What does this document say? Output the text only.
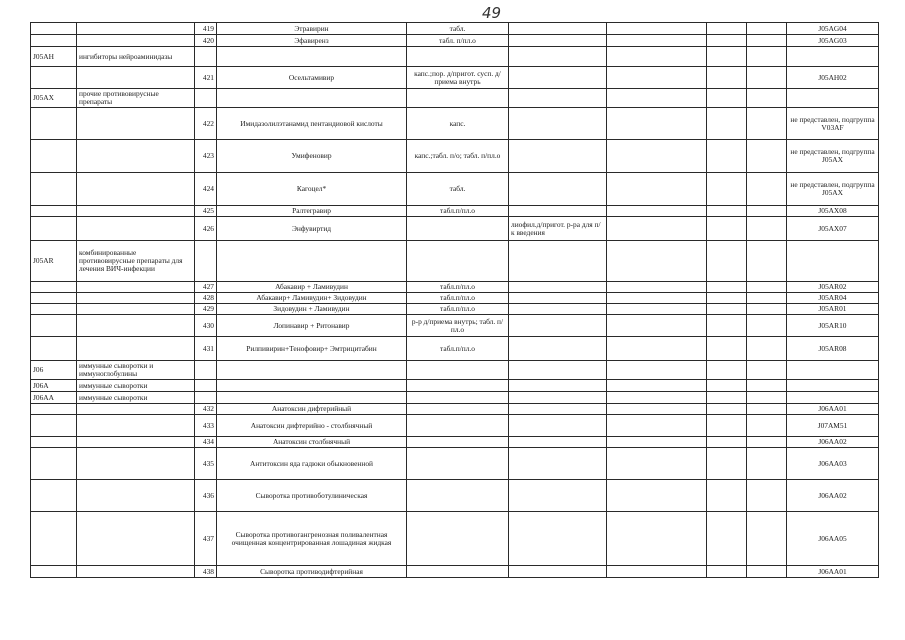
49
		419	Этравирин	табл.					J05AG04
		420	Эфавиренз	табл. п/пл.о					J05AG03
J05AH	ингибиторы нейроаминидазы								
		421	Осельтамивир	капс.;пор. д/пригот. сусп. д/приема внутрь					J05AH02
J05AX	прочие противовирусные препараты								
		422	Имидазолилэтанамид пентандиовой кислоты	капс.					не представлен, подгруппа V03AF
		423	Умифеновир	капс.;табл. п/о; табл. п/пл.о					не представлен, подгруппа J05AX
		424	Кагоцел*	табл.					не представлен, подгруппа J05AX
		425	Ралтегравир	табл.п/пл.о					J05AX08
		426	Энфувиртид		лиофил.д/пригот. р-ра для п/к введения				J05AX07
J05AR	комбинированные противовирусные препараты для лечения ВИЧ-инфекции								
		427	Абакавир + Ламивудин	табл.п/пл.о					J05AR02
		428	Абакавир+ Ламивудин+ Зидовудин	табл.п/пл.о					J05AR04
		429	Зидовудин + Ламивудин	табл.п/пл.о					J05AR01
		430	Лопинавир + Ритонавир	р-р д/приема внутрь; табл. п/пл.о					J05AR10
		431	Рилпивирин+Тенофовир+ Эмтрицитабин	табл.п/пл.о					J05AR08
J06	иммунные сыворотки и иммуноглобулины								
J06A	иммунные сыворотки								
J06AA	иммунные сыворотки								
		432	Анатоксин дифтерийный						J06AA01
		433	Анатоксин дифтерийно - столбнячный						J07AM51
		434	Анатоксин столбнячный						J06AA02
		435	Антитоксин яда гадюки обыкновенной						J06AA03
		436	Сыворотка противоботулиническая						J06AA02
		437	Сыворотка противогангренозная поливалентная очищенная концентрированная лошадиная жидкая						J06AA05
		438	Сыворотка противодифтерийная						J06AA01
